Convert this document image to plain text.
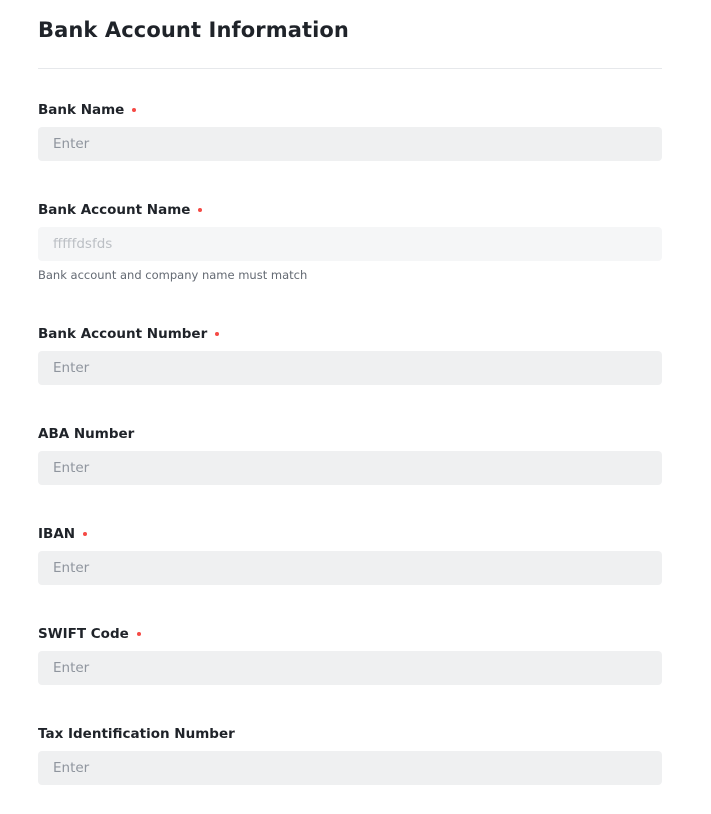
Bank Account Information
Bank Name
Enter
Bank Account Name
fffffdsfds
Bank account and company name must match
Bank Account Number
Enter
ABA Number
Enter
IBAN
Enter
SWIFT Code
Enter
Tax Identification Number
Enter
